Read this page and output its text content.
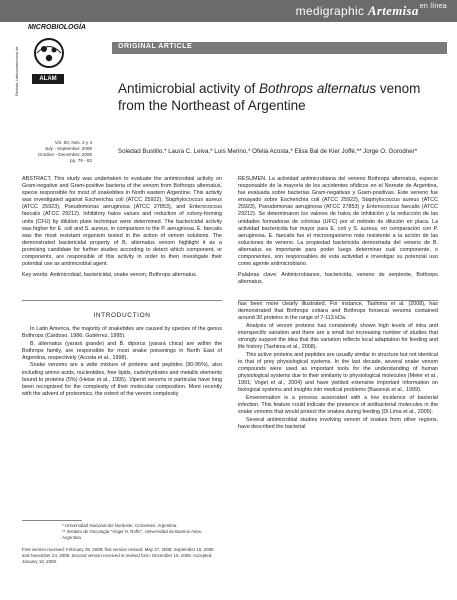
medigraphic Artemisa$^{en línea}$
Revista Latinoamericana de
MICROBIOLOGÍA
ALAM
ORIGINAL ARTICLE
Vol. 50, Nos. 3 y 4
July - September. 2008
October - December. 2008
pp. 79 - 82
Antimicrobial activity of Bothrops alternatus venom from the Northeast of Argentine
Soledad Bustillo,* Laura C. Leiva,* Luis Merino,* Ofelia Acosta,* Elisa Bal de Kier Joffé,** Jorge O. Gorodner*
ABSTRACT. This study was undertaken to evaluate the antimicrobial activity on Gram-negative and Gram-positive bacteria of the venom from Bothrops alternatus, specie responsible for most of snakebites in North eastern Argentine. This activity was investigated against Escherichia coli (ATCC 25922), Staphylococcus aureus (ATCC 25923), Pseudomonas aeruginosa (ATCC 27853), and Enterococcus faecalis (ATCC 29212). Inhibitory halos values and reduction of colony-forming units (CFU) by dilution plate technique were determined. The bactericidal activity was higher for E. coli and S. aureus, in comparison to the P. aeruginosa. E. faecalis was the most resistant organism tested in the action of venom solutions. The demonstrated bactericidal property of B. alternatus venom highlight it as a promising candidate for further studies according to detect which component, or components, are responsible of this activity in order to then investigate their potential use as antimicrobial agent.
RESUMEN. La actividad antimicrobiana del veneno Bothrops alternatus, especie responsable de la mayoría de los accidentes ofídicos en el Noreste de Argentina, fue evaluada sobre bacterias Gram-negativas y Gram-positivas. Este veneno fue ensayado sobre Escherichia coli (ATCC 25922), Staphylococcus aureus (ATCC 25923), Pseudomonas aeruginosa (ATCC 27853) y Enterococcus faecalis (ATCC 29212). Se determinaron los valores de halos de inhibición y la reducción de las unidades formadoras de colonias (UFC) por el método de dilución en placa. La actividad bactericida fue mayor para E. coli y S. aureus, en comparación con P. aeruginosa. E. faecalis fue el microorganismo más resistente a la acción de las soluciones de veneno. La propiedad bactericida demostrada del veneno de B. alternatus es importante para poder luego determinar cuál componente, o componentes, son responsables de esta actividad e investigar su potencial uso como agente antimicrobiano.
Key words: Antimicrobial, bactericidal, snake venom, Bothrops alternatus.	Palabras clave: Antimicrobianos, bactericida, veneno de serpiente, Bothrops alternatus.
INTRODUCTION

In Latin America, the majority of snakebites are caused by species of the genus Bothrops (Cardoso, 1986; Gutiérrez, 1995).

B. alternatus (yarará grande) and B. diporus (yarará chica) are within the Bothrops family, are responsible for most snake poisonings in North East of Argentina, respectively (Acosta et al., 1998).

Snake venoms are a wide mixture of proteins and peptides (90-95%), also including amino acids, nucleotides, free lipids, carbohydrates and metallic elements bound to proteins (5%) (Heise et al., 1995). Viperid venoms in particular have long been recognized for the complexity of their molecular composition. More recently with the advent of proteomics, the extent of the venom complexity

has been more clearly illustrated. For instance, Tashima et al. (2008), has demonstrated that Bothrops cotiara and Bothrops fonsecai venoms contained around 30 proteins in the range of 7-113 kDa.

Analysis of venom proteins has consistently shown high levels of intra and interspecific variation and there are a small but increasing number of studies that strongly support the idea that this variation reflects local adaptation for feeding and life history (Tashima et al., 2008).

This active proteins and peptides are usually similar in structure but not identical to that of prey physiological systems. In the last decade, several snake venom compounds were used as important tools for the understanding of human physiological systems due to their similarity to physiological molecules (Meier et al., 1991; Vogel et al., 2004) and have yielded extensive important information on biological systems and insights into medical problems (Bassnuk et al., 1999).

Envenomation is a process associated with a low incidence of bacterial infection. This feature could indicate the presence of antibacterial molecules in the snake venoms that would protect the snakes during feeding (Di Lima et al., 2005).

Several antimicrobial studies involving venom of snakes from other regions, have described the bacterial

* Universidad Nacional del Nordeste, Corrientes, Argentina.
** Instituto de Oncología "Ángel H. Roffo", Universidad de Buenos Aires, Argentina.
First version received: February 28, 2008; first version revised: May 27, 2008; September 16, 2008 and November 24, 2008. Second version received in revised form: December 15, 2008. Accepted: January 13, 2009.
